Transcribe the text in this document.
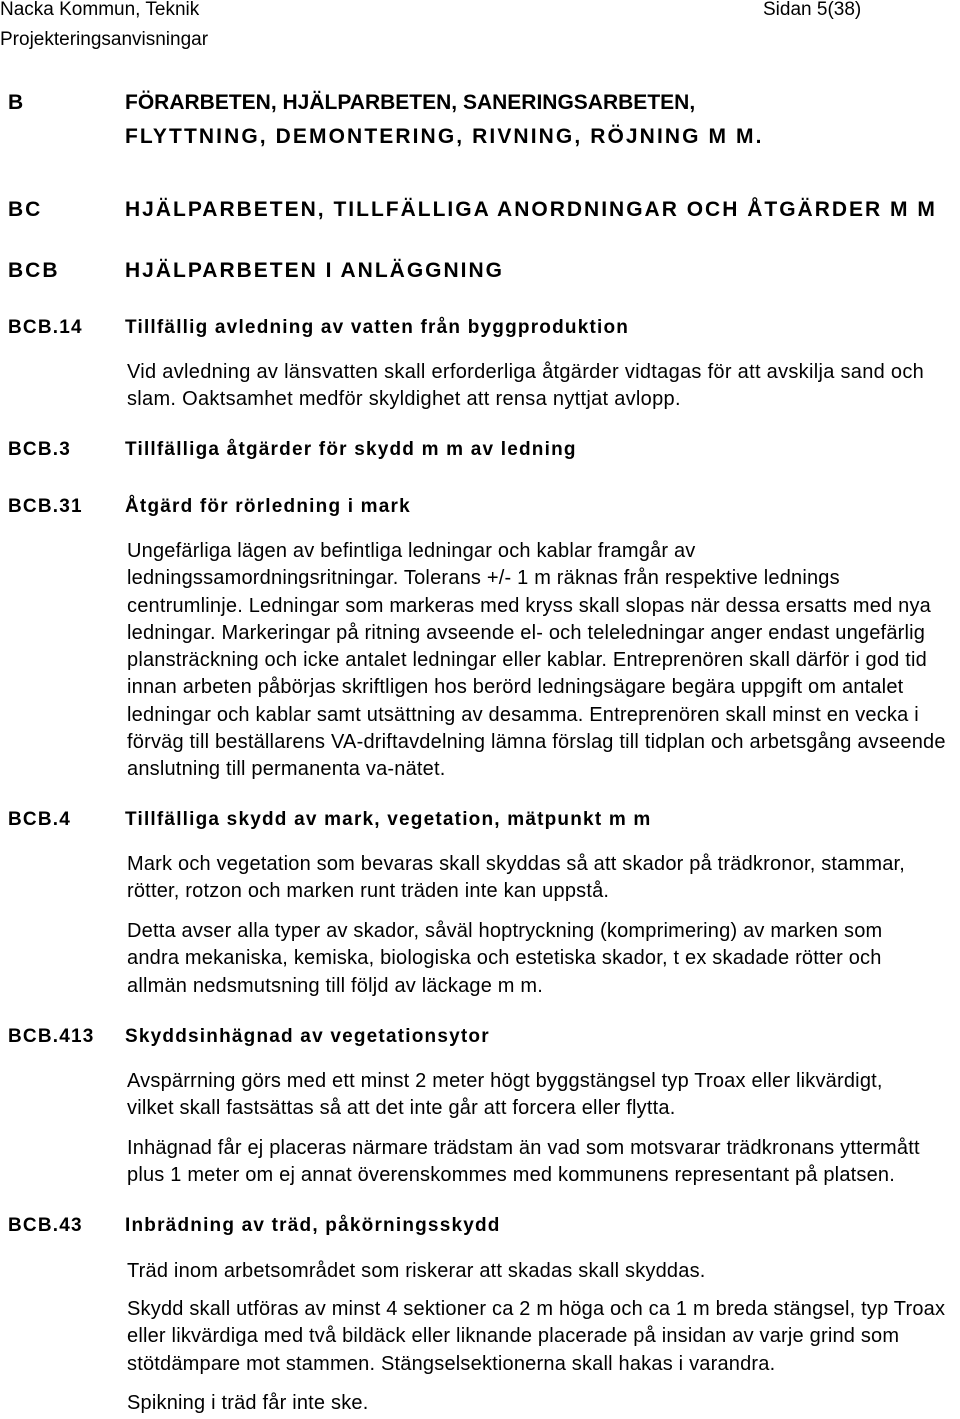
Nacka Kommun, Teknik
Projekteringsanvisningar
Sidan 5(38)
B	FÖRARBETEN, HJÄLPARBETEN, SANERINGSARBETEN,
FLYTTNING, DEMONTERING, RIVNING, RÖJNING M M.
BC	HJÄLPARBETEN, TILLFÄLLIGA ANORDNINGAR OCH ÅTGÄRDER M M
BCB	HJÄLPARBETEN I ANLÄGGNING
BCB.14 Tillfällig avledning av vatten från byggproduktion
Vid avledning av länsvatten skall erforderliga åtgärder vidtagas för att avskilja sand och
slam. Oaktsamhet medför skyldighet att rensa nyttjat avlopp.
BCB.3	Tillfälliga åtgärder för skydd m m av ledning
BCB.31 Åtgärd för rörledning i mark
Ungefärliga lägen av befintliga ledningar och kablar framgår av
ledningssamordningsritningar. Tolerans +/- 1 m räknas från respektive lednings
centrumlinje. Ledningar som markeras med kryss skall slopas när dessa ersatts med nya
ledningar. Markeringar på ritning avseende el- och teleledningar anger endast ungefärlig
plansträckning och icke antalet ledningar eller kablar. Entreprenören skall därför i god tid
innan arbeten påbörjas skriftligen hos berörd ledningsägare begära uppgift om antalet
ledningar och kablar samt utsättning av desamma. Entreprenören skall minst en vecka i
förväg till beställarens VA-driftavdelning lämna förslag till tidplan och arbetsgång avseende
anslutning till permanenta va-nätet.
BCB.4	Tillfälliga skydd av mark, vegetation, mätpunkt m m
Mark och vegetation som bevaras skall skyddas så att skador på trädkronor, stammar,
rötter, rotzon och marken runt träden inte kan uppstå.
Detta avser alla typer av skador, såväl hoptryckning (komprimering) av marken som
andra mekaniska, kemiska, biologiska och estetiska skador, t ex skadade rötter och
allmän nedsmutsning till följd av läckage m m.
BCB.413 Skyddsinhägnad av vegetationsytor
Avspärrning görs med ett minst 2 meter högt byggstängsel typ Troax eller likvärdigt,
vilket skall fastsättas så att det inte går att forcera eller flytta.
Inhägnad får ej placeras närmare trädstam än vad som motsvarar trädkronans yttermått
plus 1 meter om ej annat överenskommes med kommunens representant på platsen.
BCB.43 Inbrädning av träd, påkörningsskydd
Träd inom arbetsområdet som riskerar att skadas skall skyddas.
Skydd skall utföras av minst 4 sektioner ca 2 m höga och ca 1 m breda stängsel, typ Troax
eller likvärdiga med två bildäck eller liknande placerade på insidan av varje grind som
stötdämpare mot stammen. Stängselsektionerna skall hakas i varandra.
Spikning i träd får inte ske.
